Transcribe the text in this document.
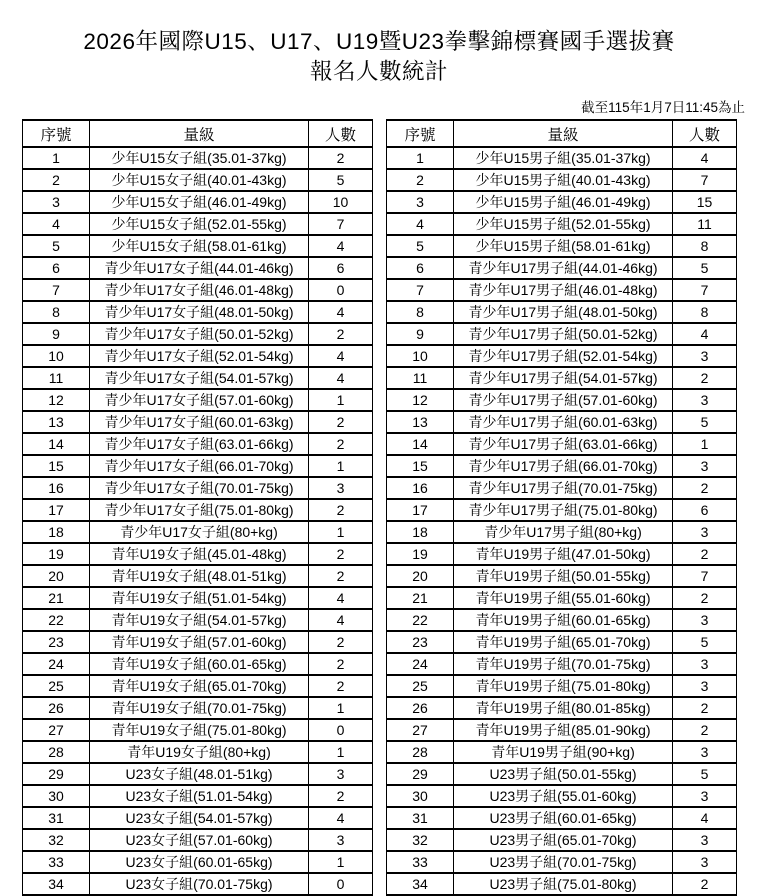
2026年國際U15、U17、U19暨U23拳擊錦標賽國手選拔賽
報名人數統計
截至115年1月7日11:45為止
序號	量級	人數
1	少年U15女子組(35.01-37kg)	2
2	少年U15女子組(40.01-43kg)	5
3	少年U15女子組(46.01-49kg)	10
4	少年U15女子組(52.01-55kg)	7
5	少年U15女子組(58.01-61kg)	4
6	青少年U17女子組(44.01-46kg)	6
7	青少年U17女子組(46.01-48kg)	0
8	青少年U17女子組(48.01-50kg)	4
9	青少年U17女子組(50.01-52kg)	2
10	青少年U17女子組(52.01-54kg)	4
11	青少年U17女子組(54.01-57kg)	4
12	青少年U17女子組(57.01-60kg)	1
13	青少年U17女子組(60.01-63kg)	2
14	青少年U17女子組(63.01-66kg)	2
15	青少年U17女子組(66.01-70kg)	1
16	青少年U17女子組(70.01-75kg)	3
17	青少年U17女子組(75.01-80kg)	2
18	青少年U17女子組(80+kg)	1
19	青年U19女子組(45.01-48kg)	2
20	青年U19女子組(48.01-51kg)	2
21	青年U19女子組(51.01-54kg)	4
22	青年U19女子組(54.01-57kg)	4
23	青年U19女子組(57.01-60kg)	2
24	青年U19女子組(60.01-65kg)	2
25	青年U19女子組(65.01-70kg)	2
26	青年U19女子組(70.01-75kg)	1
27	青年U19女子組(75.01-80kg)	0
28	青年U19女子組(80+kg)	1
29	U23女子組(48.01-51kg)	3
30	U23女子組(51.01-54kg)	2
31	U23女子組(54.01-57kg)	4
32	U23女子組(57.01-60kg)	3
33	U23女子組(60.01-65kg)	1
34	U23女子組(70.01-75kg)	0
序號	量級	人數
1	少年U15男子組(35.01-37kg)	4
2	少年U15男子組(40.01-43kg)	7
3	少年U15男子組(46.01-49kg)	15
4	少年U15男子組(52.01-55kg)	11
5	少年U15男子組(58.01-61kg)	8
6	青少年U17男子組(44.01-46kg)	5
7	青少年U17男子組(46.01-48kg)	7
8	青少年U17男子組(48.01-50kg)	8
9	青少年U17男子組(50.01-52kg)	4
10	青少年U17男子組(52.01-54kg)	3
11	青少年U17男子組(54.01-57kg)	2
12	青少年U17男子組(57.01-60kg)	3
13	青少年U17男子組(60.01-63kg)	5
14	青少年U17男子組(63.01-66kg)	1
15	青少年U17男子組(66.01-70kg)	3
16	青少年U17男子組(70.01-75kg)	2
17	青少年U17男子組(75.01-80kg)	6
18	青少年U17男子組(80+kg)	3
19	青年U19男子組(47.01-50kg)	2
20	青年U19男子組(50.01-55kg)	7
21	青年U19男子組(55.01-60kg)	2
22	青年U19男子組(60.01-65kg)	3
23	青年U19男子組(65.01-70kg)	5
24	青年U19男子組(70.01-75kg)	3
25	青年U19男子組(75.01-80kg)	3
26	青年U19男子組(80.01-85kg)	2
27	青年U19男子組(85.01-90kg)	2
28	青年U19男子組(90+kg)	3
29	U23男子組(50.01-55kg)	5
30	U23男子組(55.01-60kg)	3
31	U23男子組(60.01-65kg)	4
32	U23男子組(65.01-70kg)	3
33	U23男子組(70.01-75kg)	3
34	U23男子組(75.01-80kg)	2
